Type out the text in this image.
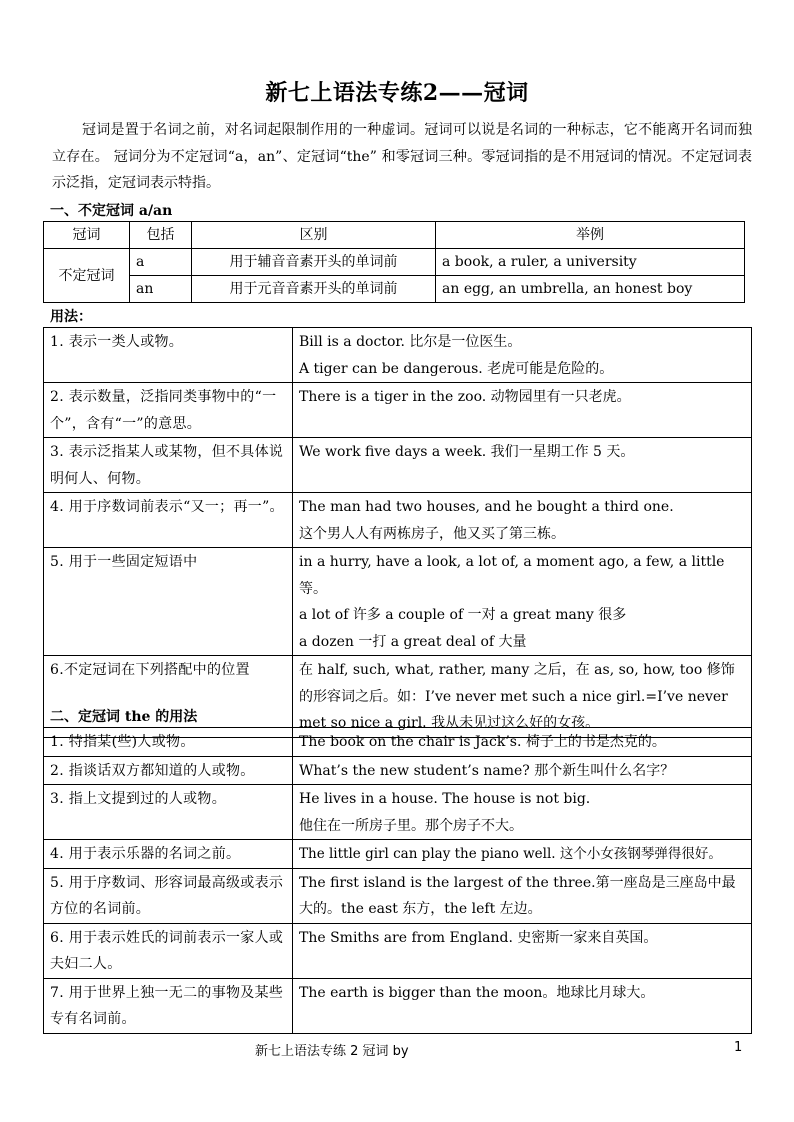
新七上语法专练2——冠词
冠词是置于名词之前，对名词起限制作用的一种虚词。冠词可以说是名词的一种标志，它不能离开名词而独立存在。 冠词分为不定冠词“a，an”、定冠词“the” 和零冠词三种。零冠词指的是不用冠词的情况。不定冠词表示泛指，定冠词表示特指。
一、不定冠词 a/an
冠词	包括	区别	举例
不定冠词	a	用于辅音音素开头的单词前	a book, a ruler, a university
	an	用于元音音素开头的单词前	an egg, an umbrella, an honest boy
用法：
1. 表示一类人或物。	Bill is a doctor. 比尔是一位医生。
A tiger can be dangerous. 老虎可能是危险的。

2. 表示数量，泛指同类事物中的“一个”，含有“一”的意思。	There is a tiger in the zoo. 动物园里有一只老虎。

3. 表示泛指某人或某物，但不具体说明何人、何物。	We work five days a week. 我们一星期工作 5 天。

4. 用于序数词前表示“又一；再一”。	The man had two houses, and he bought a third one.
这个男人人有两栋房子，他又买了第三栋。

5. 用于一些固定短语中	in a hurry, have a look, a lot of, a moment ago, a few, a little 等。
a lot of 许多 a couple of 一对 a great many 很多
a dozen 一打 a great deal of 大量

6.不定冠词在下列搭配中的位置	在 half, such, what, rather, many 之后，在 as, so, how, too 修饰的形容词之后。如：I’ve never met such a nice girl.=I’ve never met so nice a girl. 我从未见过这么好的女孩。
二、定冠词 the 的用法
1. 特指某(些)人或物。	The book on the chair is Jack’s. 椅子上的书是杰克的。

2. 指谈话双方都知道的人或物。	What’s the new student’s name? 那个新生叫什么名字？

3. 指上文提到过的人或物。	He lives in a house. The house is not big.
他住在一所房子里。那个房子不大。

4. 用于表示乐器的名词之前。	The little girl can play the piano well. 这个小女孩钢琴弹得很好。

5. 用于序数词、形容词最高级或表示方位的名词前。	The first island is the largest of the three.第一座岛是三座岛中最大的。the east 东方，the left 左边。

6. 用于表示姓氏的词前表示一家人或夫妇二人。	The Smiths are from England. 史密斯一家来自英国。

7. 用于世界上独一无二的事物及某些专有名词前。	The earth is bigger than the moon。地球比月球大。
新七上语法专练 2 冠词 by	1
